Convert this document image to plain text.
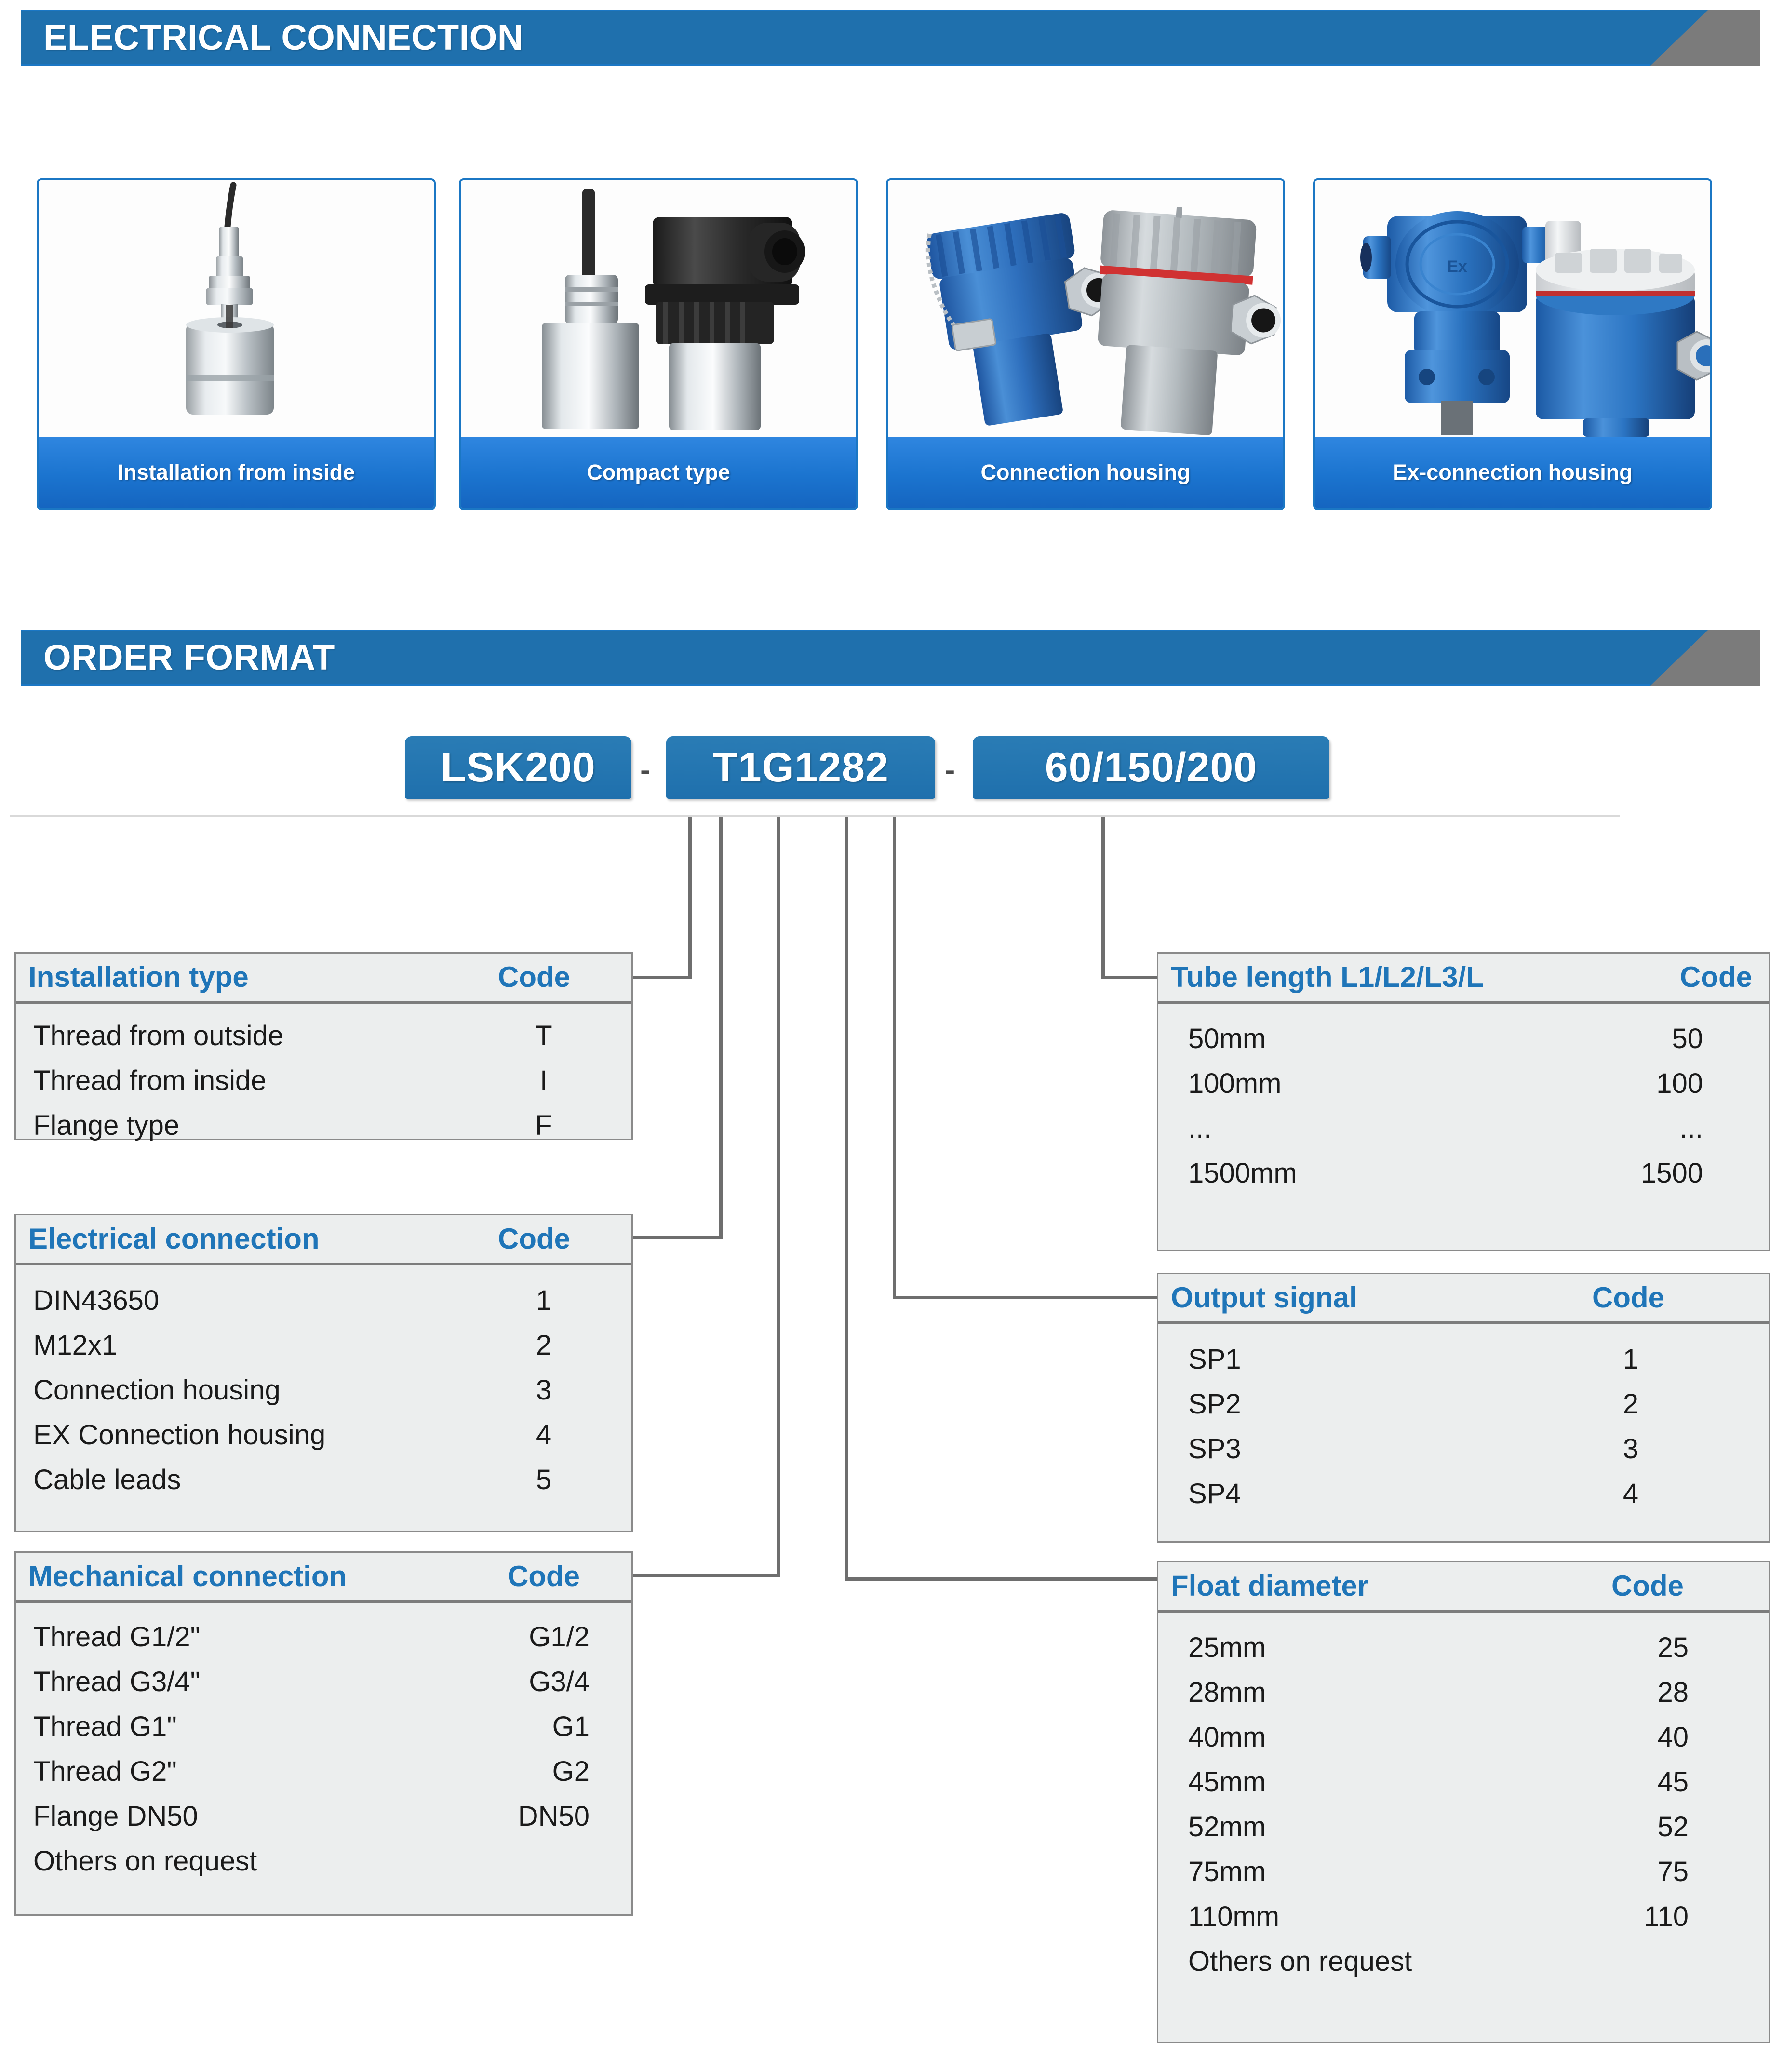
ELECTRICAL CONNECTION
Installation from inside	Compact type	Connection housing
Ex
Ex-connection housing
ORDER FORMAT
LSK200	-	T1G1282	-	60/150/200
Installation type	Code
Thread from outside	T
Thread from inside	I
Flange type	F
Electrical connection	Code
DIN43650	1
M12x1	2
Connection housing	3
EX Connection housing	4
Cable leads	5
Mechanical connection	Code
Thread G1/2"	G1/2
Thread G3/4"	G3/4
Thread G1"	G1
Thread G2"	G2
Flange DN50	DN50
Others on request
Tube length L1/L2/L3/L	Code
50mm	50
100mm	100
...	...
1500mm	1500
Output signal	Code
SP1	1
SP2	2
SP3	3
SP4	4
Float diameter	Code
25mm	25
28mm	28
40mm	40
45mm	45
52mm	52
75mm	75
110mm	110
Others on request
